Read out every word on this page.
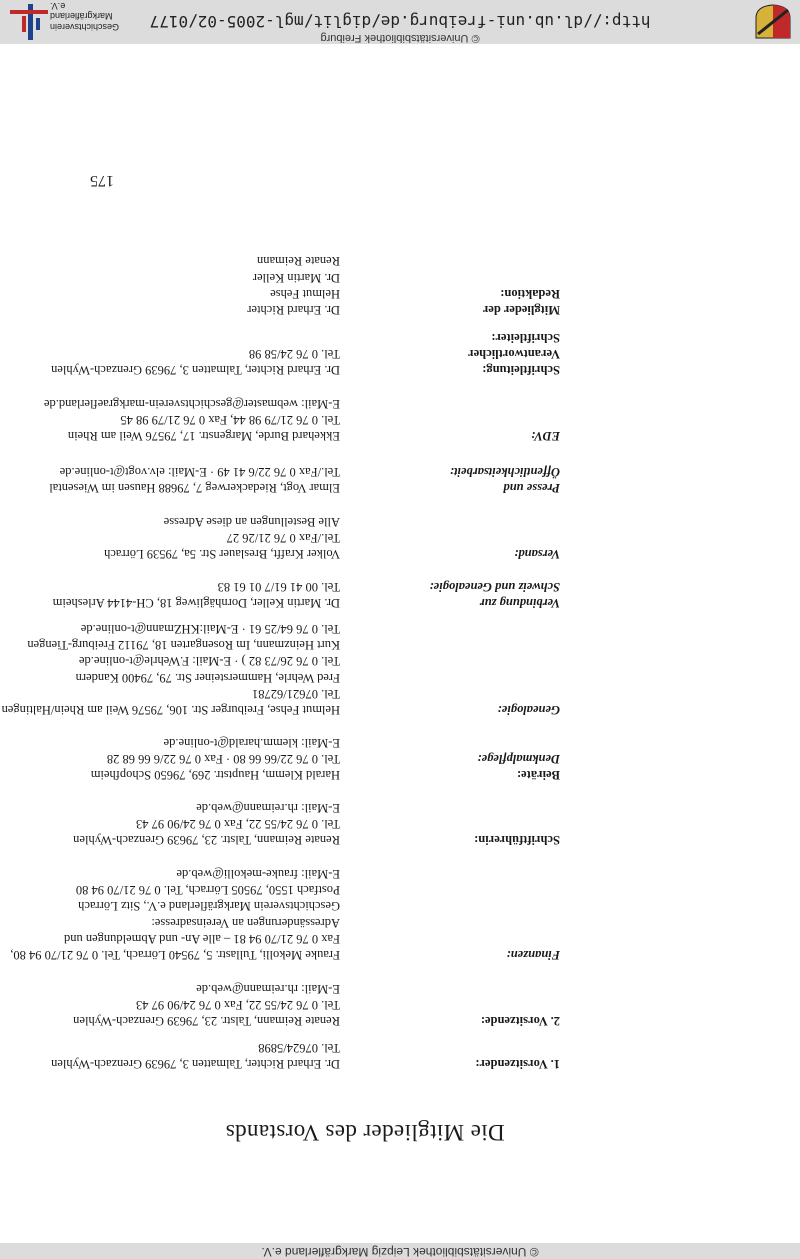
© Universitätsbibliothek Leipzig Markgräflerland e.V.
Die Mitglieder des Vorstands
1. Vorsitzender:
Dr. Erhard Richter, Talmatten 3, 79639 Grenzach-Wyhlen
Tel. 07624/5898
2. Vorsitzende:
Renate Reimann, Talstr. 23, 79639 Grenzach-Wyhlen
Tel. 0 76 24/55 22, Fax 0 76 24/90 97 43
E-Mail: rh.reimann@web.de
Finanzen:
Frauke Mekolli, Tullastr. 5, 79540 Lörrach, Tel. 0 76 21/70 94 80,
Fax 0 76 21/70 94 81 – alle An- und Abmeldungen und
Adressänderungen an Vereinsadresse:
Geschichtsverein Markgräflerland e.V., Sitz Lörrach
Postfach 1550, 79505 Lörrach, Tel. 0 76 21/70 94 80
E-Mail: frauke-mekolli@web.de
Schriftführerin:
Renate Reimann, Talstr. 23, 79639 Grenzach-Wyhlen
Tel. 0 76 24/55 22, Fax 0 76 24/90 97 43
E-Mail: rh.reimann@web.de
Beiräte:
Denkmalpflege:
Harald Klemm, Hauptstr. 269, 79650 Schopfheim
Tel. 0 76 22/66 66 80 · Fax 0 76 22/6 66 68 28
E-Mail: klemm.harald@t-online.de
Genealogie:
Helmut Fehse, Freiburger Str. 106, 79576 Weil am Rhein/Haltingen
Tel. 07621/62781
Fred Wehrle, Hammersteiner Str. 79, 79400 Kandern
Tel. 0 76 26/73 82 ) · E-Mail: F.Wehrle@t-online.de
Kurt Heinzmann, Im Rosengarten 18, 79112 Freiburg-Tiengen
Tel. 0 76 64/25 61 · E-Mail:KHZmann@t-online.de
Verbindung zur
Schweiz und Genealogie:
Dr. Martin Keller, Dornhägliweg 18, CH-4144 Arlesheim
Tel. 00 41 61/7 01 61 83
Versand:
Volker Krafft, Breslauer Str. 5a, 79539 Lörrach
Tel./Fax 0 76 21/26 27
Alle Bestellungen an diese Adresse
Presse und
Öffentlichkeitsarbeit:
Elmar Vogt, Riedackerweg 7, 79688 Hausen im Wiesental
Tel./Fax 0 76 22/6 41 49 · E-Mail: elv.vogt@t-online.de
EDV:
Ekkehard Burde, Margenstr. 17, 79576 Weil am Rhein
Tel. 0 76 21/79 98 44, Fax 0 76 21/79 98 45
E-Mail: webmaster@geschichtsverein-markgraeflerland.de
Schriftleitung:
Verantwortlicher
Schriftleiter:
Dr. Erhard Richter, Talmatten 3, 79639 Grenzach-Wyhlen
Tel. 0 76 24/58 98
Mitglieder der
Redaktion:
Dr. Erhard Richter
Helmut Fehse
Dr. Martin Keller
Renate Reimann
175
© Universitätsbibliothek Freiburg
http://dl.ub.uni-freiburg.de/diglit/mgl-2005-02/0177
Geschichtsverein
Markgräflerland e.V.
